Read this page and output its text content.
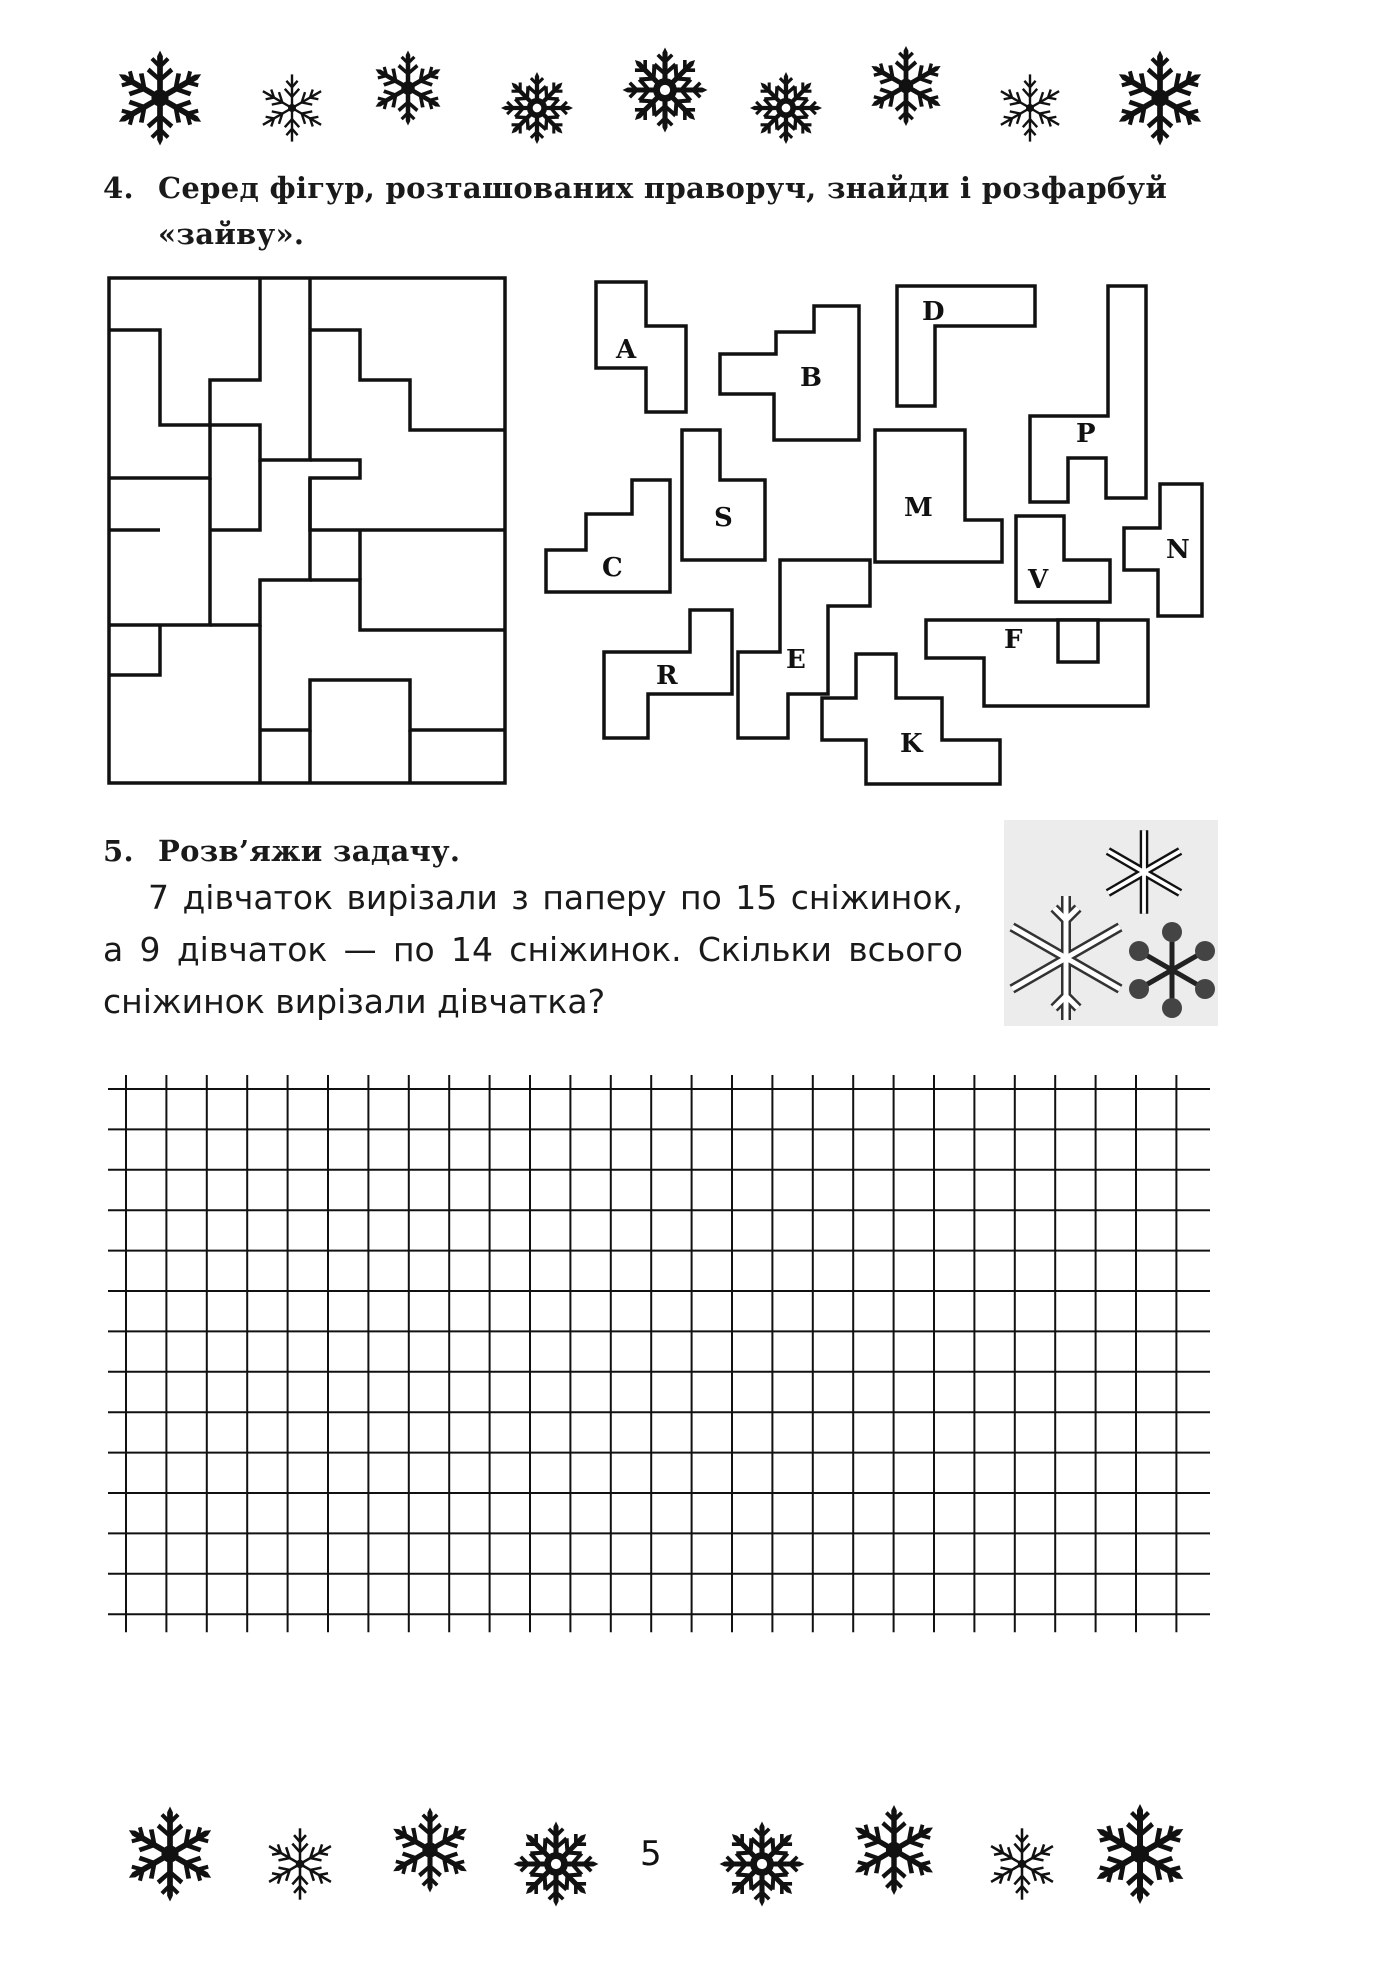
4. Серед фігур, розташованих праворуч, знайди і розфарбуй
«зайву».
A
B
D
P
S	M
C	V
N
R
E
F
K
5. Розв’яжи задачу.
7 дівчаток вирізали з паперу по 15 сніжинок, а 9 дівчаток — по 14 сніжинок. Скільки всього сніжинок вирізали дівчатка?
5
